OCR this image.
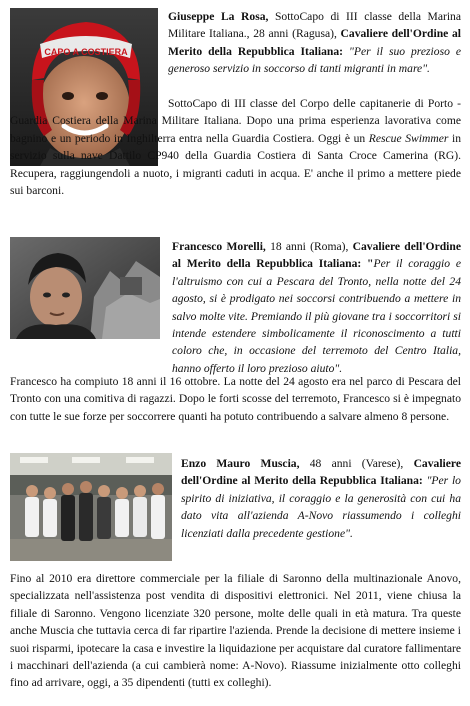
CAPO A COSTIERA

Giuseppe La Rosa, SottoCapo di III classe della Marina Militare Italiana., 28 anni (Ragusa), Cavaliere dell'Ordine al Merito della Repubblica Italiana: "Per il suo prezioso e generoso servizio in soccorso di tanti migranti in mare".

SottoCapo di III classe del Corpo delle capitanerie di Porto - Guardia Costiera della Marina Militare Italiana. Dopo una prima esperienza lavorativa come bagnino e un periodo in Inghilterra entra nella Guardia Costiera. Oggi è un Rescue Swimmer in servizio sulla nave Dattilo CP940 della Guardia Costiera di Santa Croce Camerina (RG). Recupera, raggiungendoli a nuoto, i migranti caduti in acqua. E' anche il primo a mettere piede sui barconi.

Francesco Morelli, 18 anni (Roma), Cavaliere dell'Ordine al Merito della Repubblica Italiana: "Per il coraggio e l'altruismo con cui a Pescara del Tronto, nella notte del 24 agosto, si è prodigato nei soccorsi contribuendo a mettere in salvo molte vite. Premiando il più giovane tra i soccorritori si intende estendere simbolicamente il riconoscimento a tutti coloro che, in occasione del terremoto del Centro Italia, hanno offerto il loro prezioso aiuto".

Francesco ha compiuto 18 anni il 16 ottobre. La notte del 24 agosto era nel parco di Pescara del Tronto con una comitiva di ragazzi. Dopo le forti scosse del terremoto, Francesco si è impegnato con tutte le sue forze per soccorrere quanti ha potuto contribuendo a salvare almeno 8 persone.

Enzo Mauro Muscia, 48 anni (Varese), Cavaliere dell'Ordine al Merito della Repubblica Italiana: "Per lo spirito di iniziativa, il coraggio e la generosità con cui ha dato vita all'azienda A-Novo riassumendo i colleghi licenziati dalla precedente gestione".

Fino al 2010 era direttore commerciale per la filiale di Saronno della multinazionale Anovo, specializzata nell'assistenza post vendita di dispositivi elettronici. Nel 2011, viene chiusa la filiale di Saronno. Vengono licenziate 320 persone, molte delle quali in età matura. Tra queste anche Muscia che tuttavia cerca di far ripartire l'azienda. Prende la decisione di mettere insieme i suoi risparmi, ipotecare la casa e investire la liquidazione per acquistare dal curatore fallimentare i macchinari dell'azienda (a cui cambierà nome: A-Novo). Riassume inizialmente otto colleghi fino ad arrivare, oggi, a 35 dipendenti (tutti ex colleghi).
